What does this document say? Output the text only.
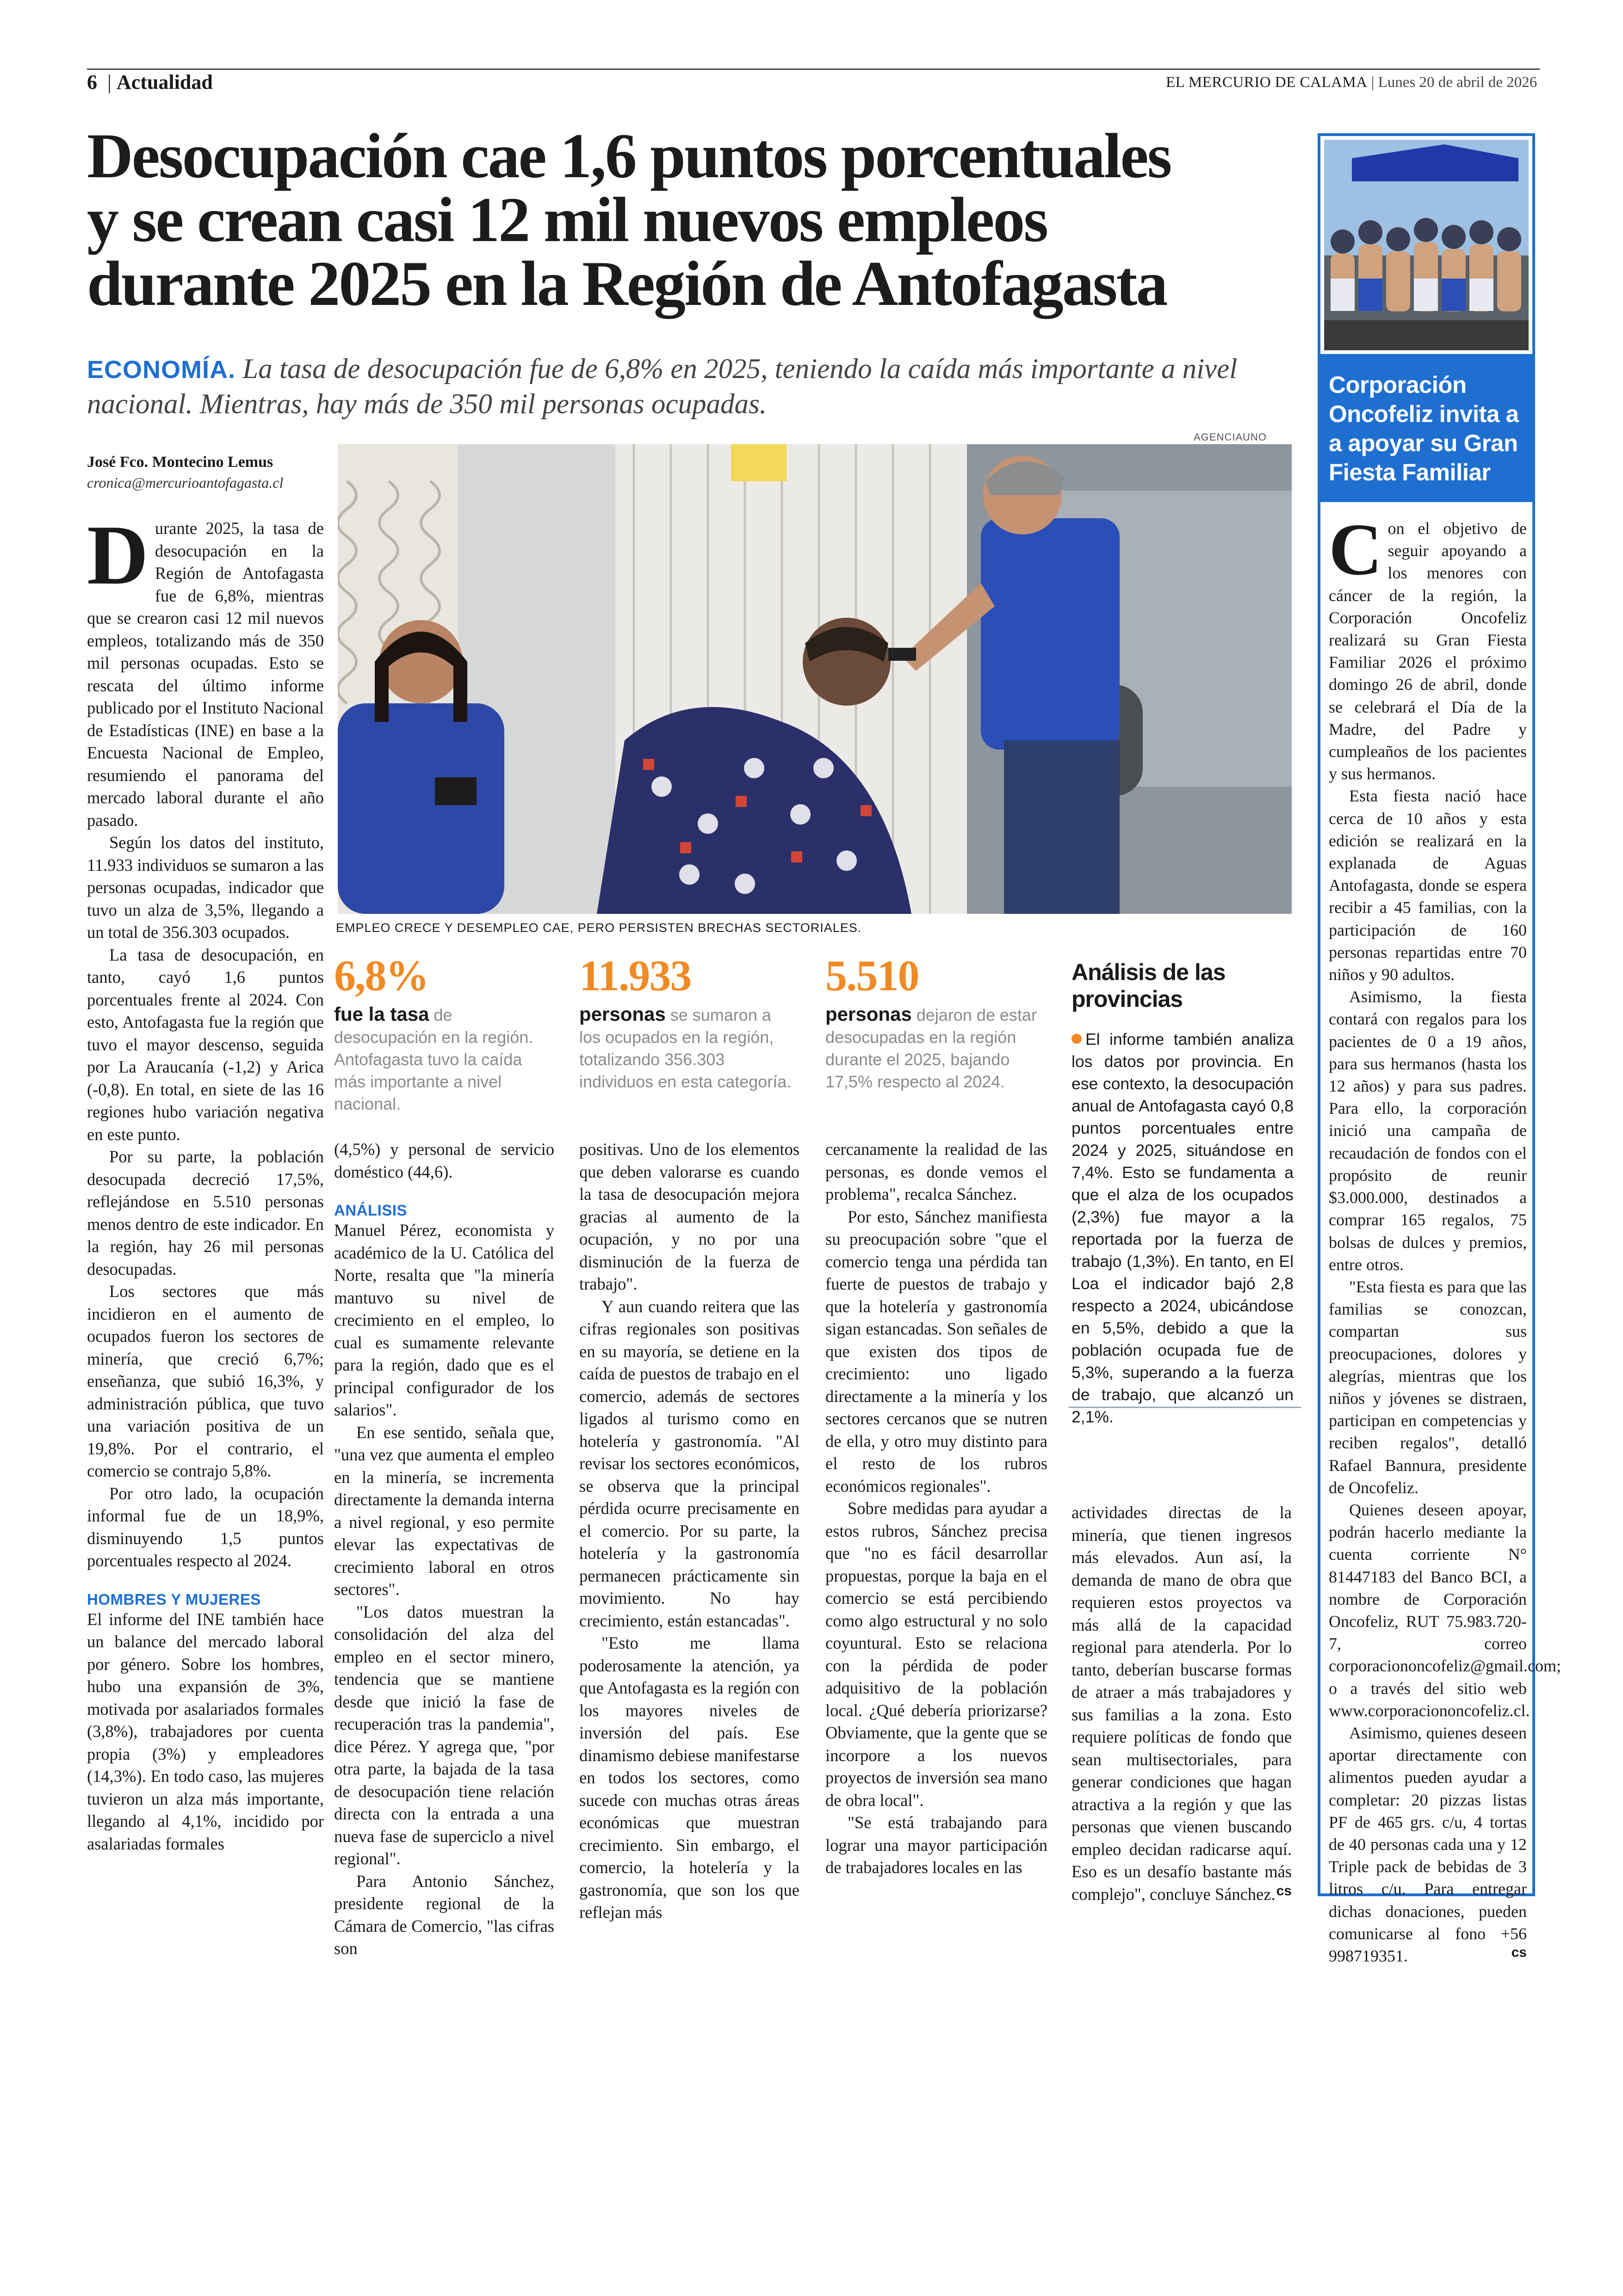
6 | Actualidad	EL MERCURIO DE CALAMA | Lunes 20 de abril de 2026
Desocupación cae 1,6 puntos porcentuales
y se crean casi 12 mil nuevos empleos
durante 2025 en la Región de Antofagasta
ECONOMÍA. La tasa de desocupación fue de 6,8% en 2025, teniendo la caída más importante a nivel nacional. Mientras, hay más de 350 mil personas ocupadas.
José Fco. Montecino Lemus
cronica@mercurioantofagasta.cl
AGENCIAUNO
EMPLEO CRECE Y DESEMPLEO CAE, PERO PERSISTEN BRECHAS SECTORIALES.
D urante 2025, la tasa de desocupación en la Región de Antofagasta fue de 6,8%, mientras que se crearon casi 12 mil nuevos empleos, totalizando más de 350 mil personas ocupadas. Esto se rescata del último informe publicado por el Instituto Nacional de Estadísticas (INE) en base a la Encuesta Nacional de Empleo, resumiendo el panorama del mercado laboral durante el año pasado.

Según los datos del instituto, 11.933 individuos se sumaron a las personas ocupadas, indicador que tuvo un alza de 3,5%, llegando a un total de 356.303 ocupados.

La tasa de desocupación, en tanto, cayó 1,6 puntos porcentuales frente al 2024. Con esto, Antofagasta fue la región que tuvo el mayor descenso, seguida por La Araucanía (-1,2) y Arica (-0,8). En total, en siete de las 16 regiones hubo variación negativa en este punto.

Por su parte, la población desocupada decreció 17,5%, reflejándose en 5.510 personas menos dentro de este indicador. En la región, hay 26 mil personas desocupadas.

Los sectores que más incidieron en el aumento de ocupados fueron los sectores de minería, que creció 6,7%; enseñanza, que subió 16,3%, y administración pública, que tuvo una variación positiva de un 19,8%. Por el contrario, el comercio se contrajo 5,8%.

Por otro lado, la ocupación informal fue de un 18,9%, disminuyendo 1,5 puntos porcentuales respecto al 2024.

HOMBRES Y MUJERES

El informe del INE también hace un balance del mercado laboral por género. Sobre los hombres, hubo una expansión de 3%, motivada por asalariados formales (3,8%), trabajadores por cuenta propia (3%) y empleadores (14,3%). En todo caso, las mujeres tuvieron un alza más importante, llegando al 4,1%, incidido por asalariadas formales

6,8%
fue la tasa de desocupación en la región. Antofagasta tuvo la caída más importante a nivel nacional.
11.933
personas se sumaron a los ocupados en la región, totalizando 356.303 individuos en esta categoría.
5.510
personas dejaron de estar desocupadas en la región durante el 2025, bajando 17,5% respecto al 2024.
Análisis de las provincias
El informe también analiza los datos por provincia. En ese contexto, la desocupación anual de Antofagasta cayó 0,8 puntos porcentuales entre 2024 y 2025, situándose en 7,4%. Esto se fundamenta a que el alza de los ocupados (2,3%) fue mayor a la reportada por la fuerza de trabajo (1,3%). En tanto, en El Loa el indicador bajó 2,8 respecto a 2024, ubicándose en 5,5%, debido a que la población ocupada fue de 5,3%, superando a la fuerza de trabajo, que alcanzó un 2,1%.

(4,5%) y personal de servicio doméstico (44,6).

ANÁLISIS

Manuel Pérez, economista y académico de la U. Católica del Norte, resalta que "la minería mantuvo su nivel de crecimiento en el empleo, lo cual es sumamente relevante para la región, dado que es el principal configurador de los salarios".

En ese sentido, señala que, "una vez que aumenta el empleo en la minería, se incrementa directamente la demanda interna a nivel regional, y eso permite elevar las expectativas de crecimiento laboral en otros sectores".

"Los datos muestran la consolidación del alza del empleo en el sector minero, tendencia que se mantiene desde que inició la fase de recuperación tras la pandemia", dice Pérez. Y agrega que, "por otra parte, la bajada de la tasa de desocupación tiene relación directa con la entrada a una nueva fase de superciclo a nivel regional".

Para Antonio Sánchez, presidente regional de la Cámara de Comercio, "las cifras son

positivas. Uno de los elementos que deben valorarse es cuando la tasa de desocupación mejora gracias al aumento de la ocupación, y no por una disminución de la fuerza de trabajo".

Y aun cuando reitera que las cifras regionales son positivas en su mayoría, se detiene en la caída de puestos de trabajo en el comercio, además de sectores ligados al turismo como en hotelería y gastronomía. "Al revisar los sectores económicos, se observa que la principal pérdida ocurre precisamente en el comercio. Por su parte, la hotelería y la gastronomía permanecen prácticamente sin movimiento. No hay crecimiento, están estancadas".

"Esto me llama poderosamente la atención, ya que Antofagasta es la región con los mayores niveles de inversión del país. Ese dinamismo debiese manifestarse en todos los sectores, como sucede con muchas otras áreas económicas que muestran crecimiento. Sin embargo, el comercio, la hotelería y la gastronomía, que son los que reflejan más

cercanamente la realidad de las personas, es donde vemos el problema", recalca Sánchez.

Por esto, Sánchez manifiesta su preocupación sobre "que el comercio tenga una pérdida tan fuerte de puestos de trabajo y que la hotelería y gastronomía sigan estancadas. Son señales de que existen dos tipos de crecimiento: uno ligado directamente a la minería y los sectores cercanos que se nutren de ella, y otro muy distinto para el resto de los rubros económicos regionales".

Sobre medidas para ayudar a estos rubros, Sánchez precisa que "no es fácil desarrollar propuestas, porque la baja en el comercio se está percibiendo como algo estructural y no solo coyuntural. Esto se relaciona con la pérdida de poder adquisitivo de la población local. ¿Qué debería priorizarse? Obviamente, que la gente que se incorpore a los nuevos proyectos de inversión sea mano de obra local".

"Se está trabajando para lograr una mayor participación de trabajadores locales en las

actividades directas de la minería, que tienen ingresos más elevados. Aun así, la demanda de mano de obra que requieren estos proyectos va más allá de la capacidad regional para atenderla. Por lo tanto, deberían buscarse formas de atraer a más trabajadores y sus familias a la zona. Esto requiere políticas de fondo que sean multisectoriales, para generar condiciones que hagan atractiva a la región y que las personas que vienen buscando empleo decidan radicarse aquí. Eso es un desafío bastante más complejo", concluye Sánchez. cs

Corporación Oncofeliz invita a a apoyar su Gran Fiesta Familiar
C on el objetivo de seguir apoyando a los menores con cáncer de la región, la Corporación Oncofeliz realizará su Gran Fiesta Familiar 2026 el próximo domingo 26 de abril, donde se celebrará el Día de la Madre, del Padre y cumpleaños de los pacientes y sus hermanos.

Esta fiesta nació hace cerca de 10 años y esta edición se realizará en la explanada de Aguas Antofagasta, donde se espera recibir a 45 familias, con la participación de 160 personas repartidas entre 70 niños y 90 adultos.

Asimismo, la fiesta contará con regalos para los pacientes de 0 a 19 años, para sus hermanos (hasta los 12 años) y para sus padres. Para ello, la corporación inició una campaña de recaudación de fondos con el propósito de reunir $3.000.000, destinados a comprar 165 regalos, 75 bolsas de dulces y premios, entre otros.

"Esta fiesta es para que las familias se conozcan, compartan sus preocupaciones, dolores y alegrías, mientras que los niños y jóvenes se distraen, participan en competencias y reciben regalos", detalló Rafael Bannura, presidente de Oncofeliz.

Quienes deseen apoyar, podrán hacerlo mediante la cuenta corriente N° 81447183 del Banco BCI, a nombre de Corporación Oncofeliz, RUT 75.983.720-7, correo corporaciononcofeliz@gmail.com; o a través del sitio web www.corporaciononcofeliz.cl.

Asimismo, quienes deseen aportar directamente con alimentos pueden ayudar a completar: 20 pizzas listas PF de 465 grs. c/u, 4 tortas de 40 personas cada una y 12 Triple pack de bebidas de 3 litros c/u. Para entregar dichas donaciones, pueden comunicarse al fono +56 998719351.	cs
